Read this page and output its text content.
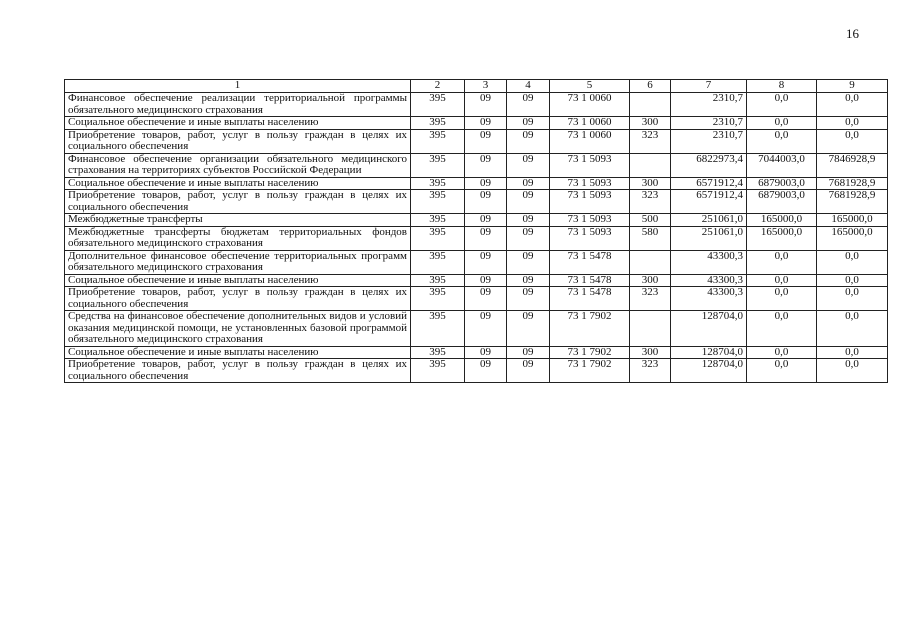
16
1	2	3	4	5	6	7	8	9
Финансовое обеспечение реализации территориальной программы обязательного медицинского страхования	395	09	09	73 1 0060		2310,7	0,0	0,0
Социальное обеспечение и иные выплаты населению	395	09	09	73 1 0060	300	2310,7	0,0	0,0
Приобретение товаров, работ, услуг в пользу граждан в целях их социального обеспечения	395	09	09	73 1 0060	323	2310,7	0,0	0,0
Финансовое обеспечение организации обязательного медицинского страхования на территориях субъектов Российской Федерации	395	09	09	73 1 5093		6822973,4	7044003,0	7846928,9
Социальное обеспечение и иные выплаты населению	395	09	09	73 1 5093	300	6571912,4	6879003,0	7681928,9
Приобретение товаров, работ, услуг в пользу граждан в целях их социального обеспечения	395	09	09	73 1 5093	323	6571912,4	6879003,0	7681928,9
Межбюджетные трансферты	395	09	09	73 1 5093	500	251061,0	165000,0	165000,0
Межбюджетные трансферты бюджетам территориальных фондов обязательного медицинского страхования	395	09	09	73 1 5093	580	251061,0	165000,0	165000,0
Дополнительное финансовое обеспечение территориальных программ обязательного медицинского страхования	395	09	09	73 1 5478		43300,3	0,0	0,0
Социальное обеспечение и иные выплаты населению	395	09	09	73 1 5478	300	43300,3	0,0	0,0
Приобретение товаров, работ, услуг в пользу граждан в целях их социального обеспечения	395	09	09	73 1 5478	323	43300,3	0,0	0,0
Средства на финансовое обеспечение дополнительных видов и условий оказания медицинской помощи, не установленных базовой программой обязательного медицинского страхования	395	09	09	73 1 7902		128704,0	0,0	0,0
Социальное обеспечение и иные выплаты населению	395	09	09	73 1 7902	300	128704,0	0,0	0,0
Приобретение товаров, работ, услуг в пользу граждан в целях их социального обеспечения	395	09	09	73 1 7902	323	128704,0	0,0	0,0
